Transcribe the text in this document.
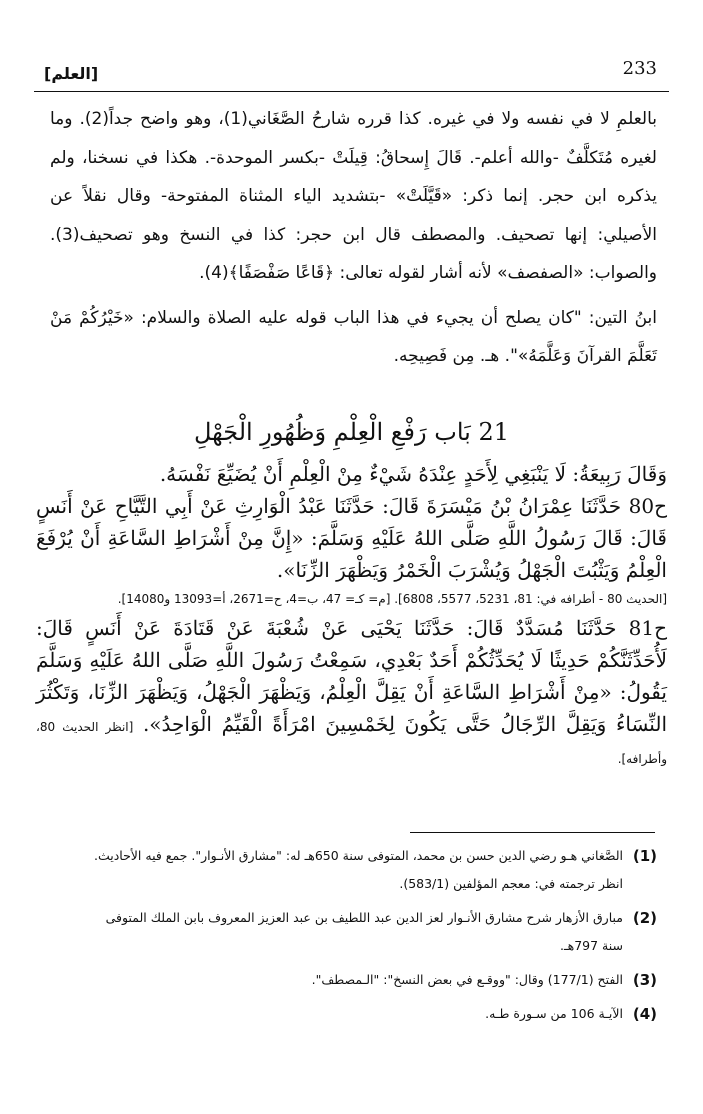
233
[العلم]

بالعلمِ لا في نفسه ولا في غيره. كذا قرره شارحُ الصَّغَاني(1)، وهو واضح جداً(2). وما لغيره مُتَكلَّفٌ -والله أعلم-. قَالَ إِسحاقُ: قِيلَتْ -بكسر الموحدة-. هكذا في نسخنا، ولم يذكره ابن حجر. إنما ذكر: «قَيَّلَتْ» -بتشديد الياء المثناة المفتوحة- وقال نقلاً عن الأصيلي: إنها تصحيف. والمصطف قال ابن حجر: كذا في النسخ وهو تصحيف(3). والصواب: «الصفصف» لأنه أشار لقوله تعالى: ﴿قَاعًا صَفْصَفًا﴾(4).

ابنُ التين: "كان يصلح أن يجيء في هذا الباب قوله عليه الصلاة والسلام: «خَيْرُكُمْ مَنْ تَعَلَّمَ القرآنَ وَعَلَّمَهُ»". هـ. مِن فَصِيحِه.

21 بَاب رَفْعِ الْعِلْمِ وَظُهُورِ الْجَهْلِ

وَقَالَ رَبِيعَةُ: لَا يَنْبَغِي لِأَحَدٍ عِنْدَهُ شَيْءٌ مِنْ الْعِلْمِ أَنْ يُضَيِّعَ نَفْسَهُ.

ح80 حَدَّثَنَا عِمْرَانُ بْنُ مَيْسَرَةَ قَالَ: حَدَّثَنَا عَبْدُ الْوَارِثِ عَنْ أَبِي التَّيَّاحِ عَنْ أَنَسٍ قَالَ: قَالَ رَسُولُ اللَّهِ صَلَّى اللهُ عَلَيْهِ وَسَلَّمَ: «إِنَّ مِنْ أَشْرَاطِ السَّاعَةِ أَنْ يُرْفَعَ الْعِلْمُ وَيَثْبُتَ الْجَهْلُ وَيُشْرَبَ الْخَمْرُ وَيَظْهَرَ الزِّنَا».

[الحديث 80 - أطرافه في: 81، 5231، 5577، 6808]. [م= كـ= 47، ب=4، ح=2671، أ=13093 و14080].

ح81 حَدَّثَنَا مُسَدَّدٌ قَالَ: حَدَّثَنَا يَحْيَى عَنْ شُعْبَةَ عَنْ قَتَادَةَ عَنْ أَنَسٍ قَالَ: لَأُحَدِّثَنَّكُمْ حَدِيثًا لَا يُحَدِّثُكُمْ أَحَدٌ بَعْدِي، سَمِعْتُ رَسُولَ اللَّهِ صَلَّى اللهُ عَلَيْهِ وَسَلَّمَ يَقُولُ: «مِنْ أَشْرَاطِ السَّاعَةِ أَنْ يَقِلَّ الْعِلْمُ، وَيَظْهَرَ الْجَهْلُ، وَيَظْهَرَ الزِّنَا، وَتَكْثُرَ النِّسَاءُ وَيَقِلَّ الرِّجَالُ حَتَّى يَكُونَ لِخَمْسِينَ امْرَأَةً الْقَيِّمُ الْوَاحِدُ». [انظر الحديث 80، وأطرافه].

(1)
الصَّغاني هـو رضي الدين حسن بن محمد، المتوفى سنة 650هـ له: "مشارق الأنـوار". جمع فيه الأحاديث.
انظر ترجمته في: معجم المؤلفين (583/1).
(2)
مبارق الأزهار شرح مشارق الأنـوار لعز الدين عبد اللطيف بن عبد العزيز المعروف بابن الملك المتوفى
سنة 797هـ.
(3)
الفتح (177/1) وقال: "ووقـع في بعض النسخ": "الـمصطف".
(4)
الآيـة 106 من سـورة طـه.
